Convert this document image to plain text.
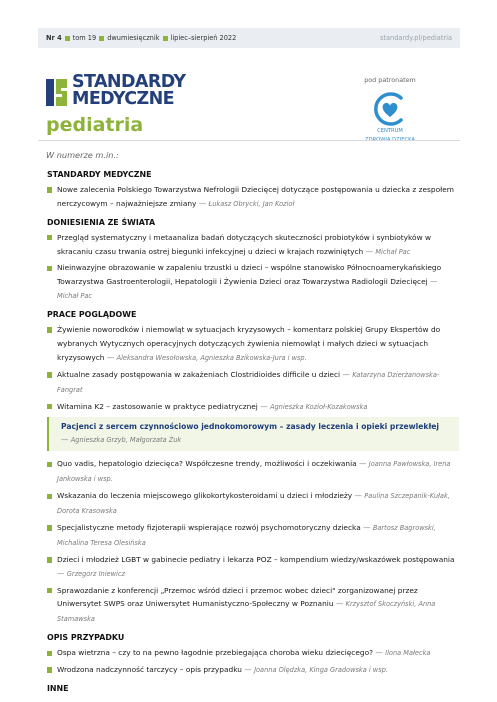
Nr 4 tom 19 dwumiesięcznik lipiec–sierpień 2022	standardy.pl/pediatria
STANDARDY
MEDYCZNE
pediatria
pod patronatem
CENTRUM
W numerze m.in.:
STANDARDY MEDYCZNE
Nowe zalecenia Polskiego Towarzystwa Nefrologii Dziecięcej dotyczące postępowania u dziecka z zespołem nerczycowym – najważniejsze zmiany — Łukasz Obrycki, Jan Kozioł
DONIESIENIA ZE ŚWIATA
Przegląd systematyczny i metaanaliza badań dotyczących skuteczności probiotyków i synbiotyków w skracaniu czasu trwania ostrej biegunki infekcyjnej u dzieci w krajach rozwiniętych — Michał Pac
Nieinwazyjne obrazowanie w zapaleniu trzustki u dzieci – wspólne stanowisko Północnoamerykańskiego Towarzystwa Gastroenterologii, Hepatologii i Żywienia Dzieci oraz Towarzystwa Radiologii Dziecięcej — Michał Pac
PRACE POGLĄDOWE
Żywienie noworodków i niemowląt w sytuacjach kryzysowych – komentarz polskiej Grupy Ekspertów do wybranych Wytycznych operacyjnych dotyczących żywienia niemowląt i małych dzieci w sytuacjach kryzysowych — Aleksandra Wesołowska, Agnieszka Bzikowska-Jura i wsp.
Aktualne zasady postępowania w zakażeniach Clostridioides difficile u dzieci — Katarzyna Dzierżanowska-Fangrat
Witamina K2 – zastosowanie w praktyce pediatrycznej — Agnieszka Kozioł-Kozakowska
Pacjenci z sercem czynnościowo jednokomorowym – zasady leczenia i opieki przewlekłej
— Agnieszka Grzyb, Małgorzata Żuk
Quo vadis, hepatologio dziecięca? Współczesne trendy, możliwości i oczekiwania — Joanna Pawłowska, Irena Jankowska i wsp.
Wskazania do leczenia miejscowego glikokortykosteroidami u dzieci i młodzieży — Paulina Szczepanik-Kułak, Dorota Krasowska
Specjalistyczne metody fizjoterapii wspierające rozwój psychomotoryczny dziecka — Bartosz Bagrowski, Michalina Teresa Olesińska
Dzieci i młodzież LGBT w gabinecie pediatry i lekarza POZ – kompendium wiedzy/wskazówek postępowania — Grzegorz Iniewicz
Sprawozdanie z konferencji „Przemoc wśród dzieci i przemoc wobec dzieci" zorganizowanej przez Uniwersytet SWPS oraz Uniwersytet Humanistyczno-Społeczny w Poznaniu — Krzysztof Skoczyński, Anna Stamawska
OPIS PRZYPADKU
Ospa wietrzna – czy to na pewno łagodnie przebiegająca choroba wieku dziecięcego? — Ilona Małecka
Wrodzona nadczynność tarczycy – opis przypadku — Joanna Olędzka, Kinga Gradowska i wsp.
INNE
